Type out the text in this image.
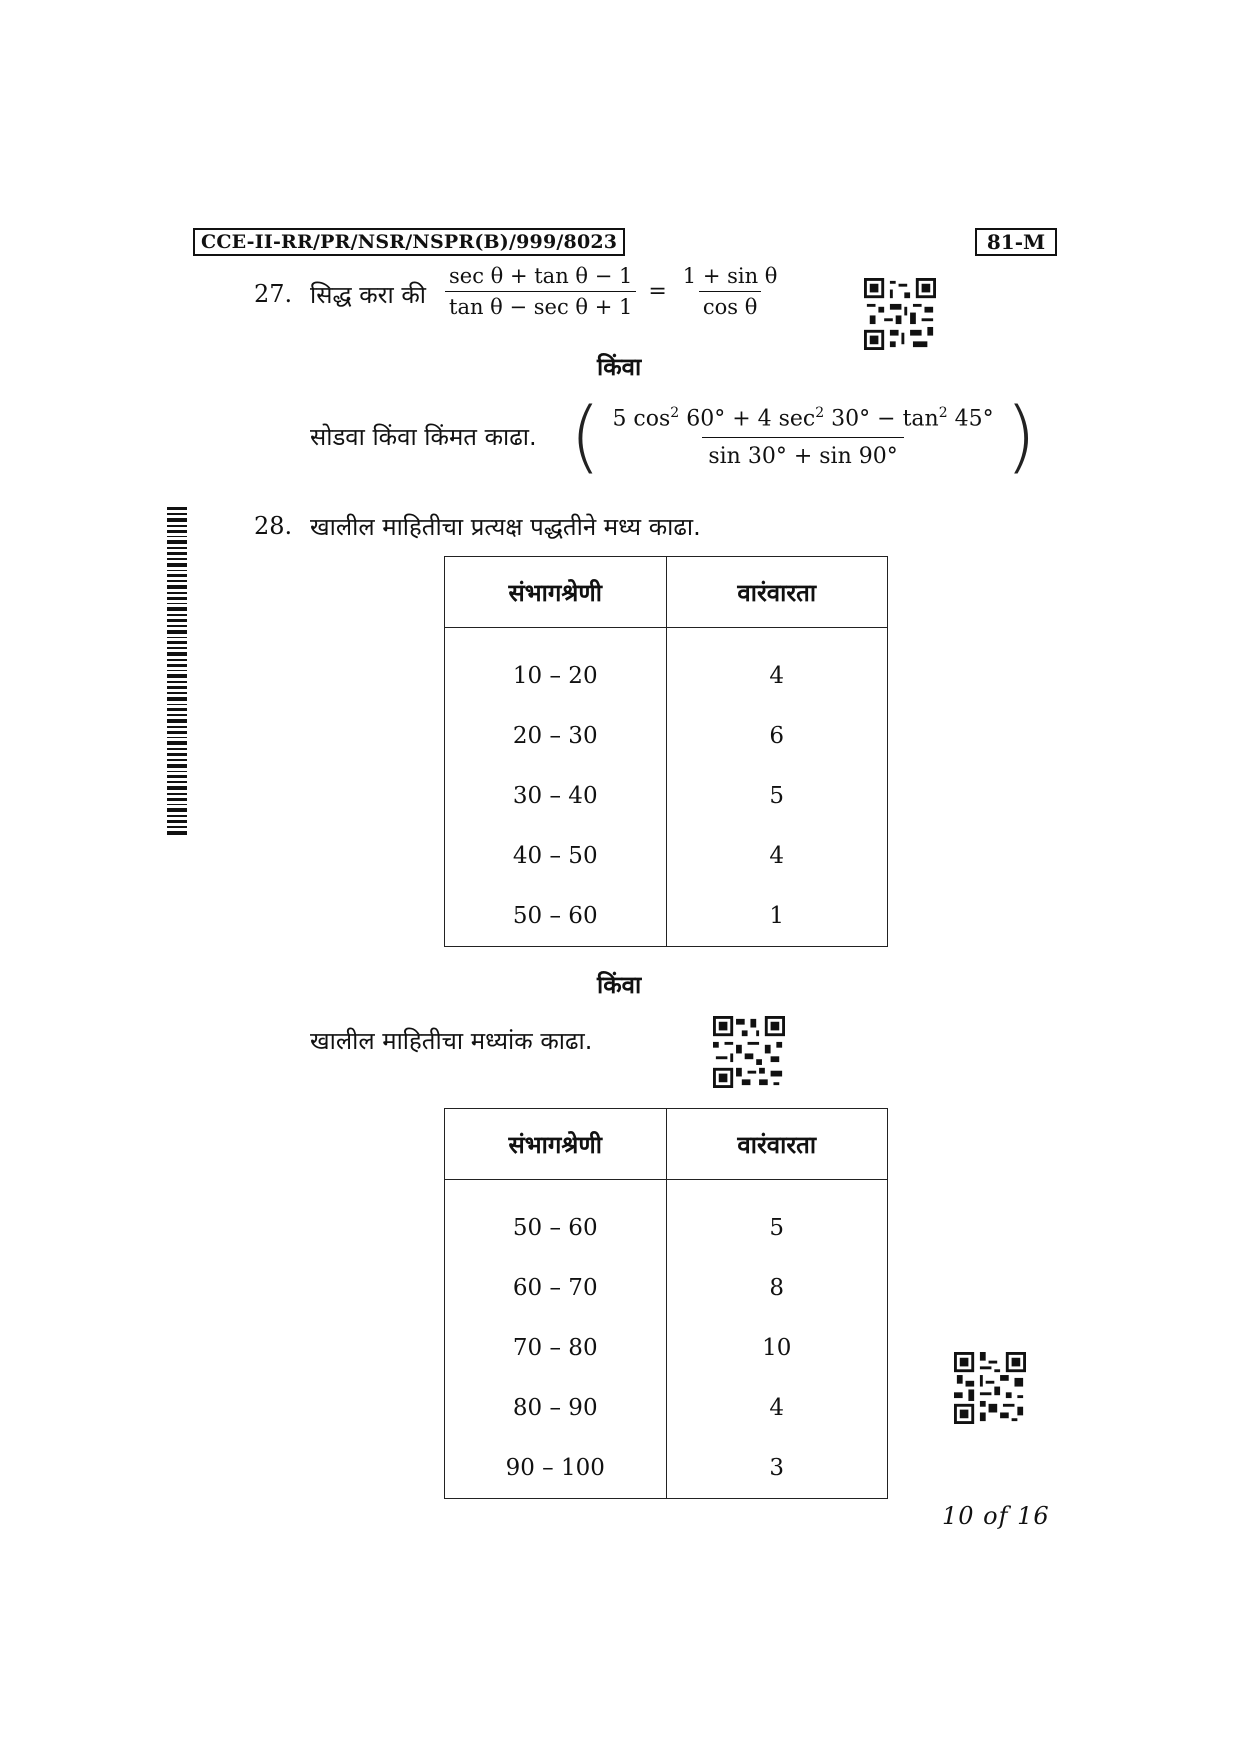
CCE-II-RR/PR/NSR/NSPR(B)/999/8023	81-M
27. सिद्ध करा की $\frac{\text{sec θ + tan θ − 1}}{\text{tan θ − sec θ + 1}} = \frac{\text{1 + sin θ}}{\text{cos θ}}$
किंवा
सोडवा किंवा किंमत काढा. ( $\frac{5 \cos^2 60^\circ + 4 \sec^2 30^\circ - \tan^2 45^\circ}{\sin 30^\circ + \sin 90^\circ}$ )
28. खालील माहितीचा प्रत्यक्ष पद्धतीने मध्य काढा.
संभागश्रेणी	वारंवारता

10 – 20	4
20 – 30	6
30 – 40	5
40 – 50	4
50 – 60	1
किंवा
खालील माहितीचा मध्यांक काढा.
संभागश्रेणी	वारंवारता

50 – 60	5
60 – 70	8
70 – 80	10
80 – 90	4
90 – 100	3
10 of 16
